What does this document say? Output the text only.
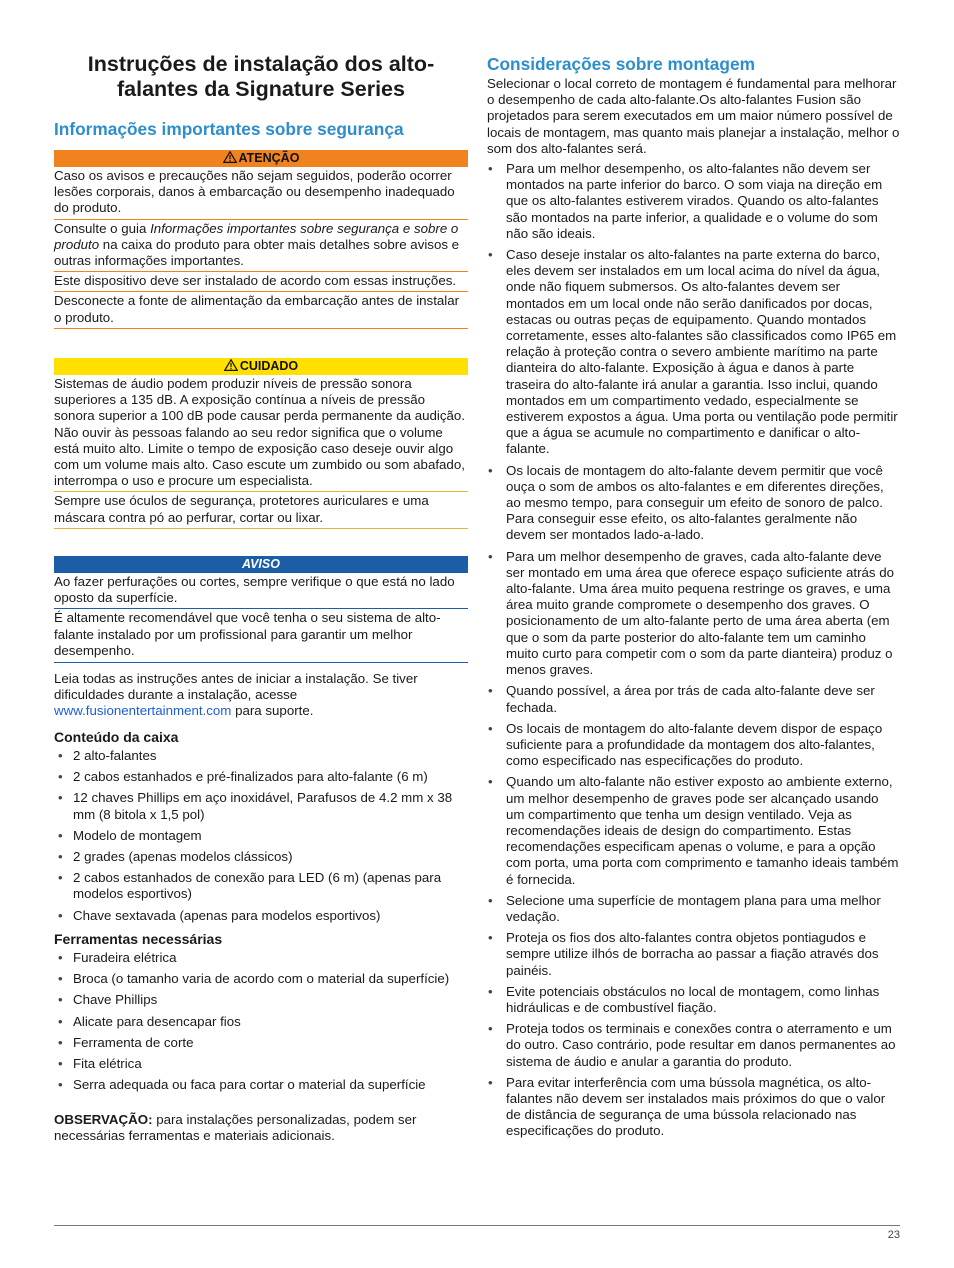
Instruções de instalação dos alto-falantes da Signature Series
Informações importantes sobre segurança
ATENÇÃO
Caso os avisos e precauções não sejam seguidos, poderão ocorrer lesões corporais, danos à embarcação ou desempenho inadequado do produto.
Consulte o guia Informações importantes sobre segurança e sobre o produto na caixa do produto para obter mais detalhes sobre avisos e outras informações importantes.
Este dispositivo deve ser instalado de acordo com essas instruções.
Desconecte a fonte de alimentação da embarcação antes de instalar o produto.
CUIDADO
Sistemas de áudio podem produzir níveis de pressão sonora superiores a 135 dB. A exposição contínua a níveis de pressão sonora superior a 100 dB pode causar perda permanente da audição. Não ouvir às pessoas falando ao seu redor significa que o volume está muito alto. Limite o tempo de exposição caso deseje ouvir algo com um volume mais alto. Caso escute um zumbido ou som abafado, interrompa o uso e procure um especialista.
Sempre use óculos de segurança, protetores auriculares e uma máscara contra pó ao perfurar, cortar ou lixar.
AVISO
Ao fazer perfurações ou cortes, sempre verifique o que está no lado oposto da superfície.
É altamente recomendável que você tenha o seu sistema de alto-falante instalado por um profissional para garantir um melhor desempenho.
Leia todas as instruções antes de iniciar a instalação. Se tiver dificuldades durante a instalação, acesse
www.fusionentertainment.com para suporte.
Conteúdo da caixa
• 2 alto-falantes
• 2 cabos estanhados e pré-finalizados para alto-falante (6 m)
• 12 chaves Phillips em aço inoxidável, Parafusos de 4.2 mm x 38 mm (8 bitola x 1,5 pol)
• Modelo de montagem
• 2 grades (apenas modelos clássicos)
• 2 cabos estanhados de conexão para LED (6 m) (apenas para modelos esportivos)
• Chave sextavada (apenas para modelos esportivos)
Ferramentas necessárias
• Furadeira elétrica
• Broca (o tamanho varia de acordo com o material da superfície)
• Chave Phillips
• Alicate para desencapar fios
• Ferramenta de corte
• Fita elétrica
• Serra adequada ou faca para cortar o material da superfície
OBSERVAÇÃO: para instalações personalizadas, podem ser necessárias ferramentas e materiais adicionais.
Considerações sobre montagem
Selecionar o local correto de montagem é fundamental para melhorar o desempenho de cada alto-falante.Os alto-falantes Fusion são projetados para serem executados em um maior número possível de locais de montagem, mas quanto mais planejar a instalação, melhor o som dos alto-falantes será.
• Para um melhor desempenho, os alto-falantes não devem ser montados na parte inferior do barco. O som viaja na direção em que os alto-falantes estiverem virados. Quando os alto-falantes são montados na parte inferior, a qualidade e o volume do som não são ideais.
• Caso deseje instalar os alto-falantes na parte externa do barco, eles devem ser instalados em um local acima do nível da água, onde não fiquem submersos. Os alto-falantes devem ser montados em um local onde não serão danificados por docas, estacas ou outras peças de equipamento. Quando montados corretamente, esses alto-falantes são classificados como IP65 em relação à proteção contra o severo ambiente marítimo na parte dianteira do alto-falante. Exposição à água e danos à parte traseira do alto-falante irá anular a garantia. Isso inclui, quando montados em um compartimento vedado, especialmente se estiverem expostos a água. Uma porta ou ventilação pode permitir que a água se acumule no compartimento e danificar o alto-falante.
• Os locais de montagem do alto-falante devem permitir que você ouça o som de ambos os alto-falantes e em diferentes direções, ao mesmo tempo, para conseguir um efeito de sonoro de palco. Para conseguir esse efeito, os alto-falantes geralmente não devem ser montados lado-a-lado.
• Para um melhor desempenho de graves, cada alto-falante deve ser montado em uma área que oferece espaço suficiente atrás do alto-falante. Uma área muito pequena restringe os graves, e uma área muito grande compromete o desempenho dos graves. O posicionamento de um alto-falante perto de uma área aberta (em que o som da parte posterior do alto-falante tem um caminho muito curto para competir com o som da parte dianteira) produz o menos graves.
• Quando possível, a área por trás de cada alto-falante deve ser fechada.
• Os locais de montagem do alto-falante devem dispor de espaço suficiente para a profundidade da montagem dos alto-falantes, como especificado nas especificações do produto.
• Quando um alto-falante não estiver exposto ao ambiente externo, um melhor desempenho de graves pode ser alcançado usando um compartimento que tenha um design ventilado. Veja as recomendações ideais de design do compartimento. Estas recomendações especificam apenas o volume, e para a opção com porta, uma porta com comprimento e tamanho ideais também é fornecida.
• Selecione uma superfície de montagem plana para uma melhor vedação.
• Proteja os fios dos alto-falantes contra objetos pontiagudos e sempre utilize ilhós de borracha ao passar a fiação através dos painéis.
• Evite potenciais obstáculos no local de montagem, como linhas hidráulicas e de combustível fiação.
• Proteja todos os terminais e conexões contra o aterramento e um do outro. Caso contrário, pode resultar em danos permanentes ao sistema de áudio e anular a garantia do produto.
• Para evitar interferência com uma bússola magnética, os alto-falantes não devem ser instalados mais próximos do que o valor de distância de segurança de uma bússola relacionado nas especificações do produto.
23
